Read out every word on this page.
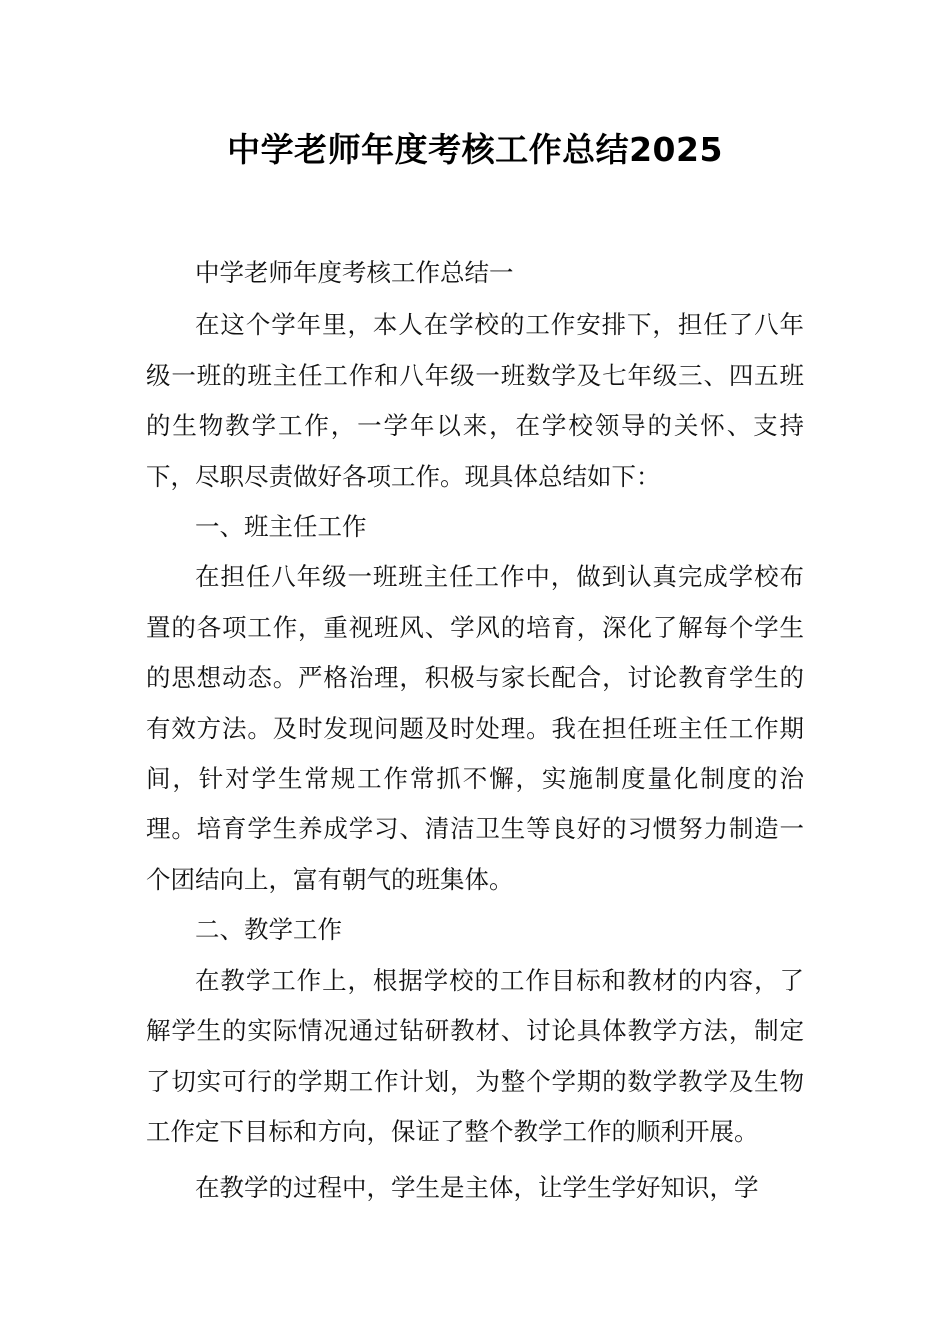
中学老师年度考核工作总结2025

中学老师年度考核工作总结一

在这个学年里，本人在学校的工作安排下，担任了八年级一班的班主任工作和八年级一班数学及七年级三、四五班的生物教学工作，一学年以来，在学校领导的关怀、支持下，尽职尽责做好各项工作。现具体总结如下：

一、班主任工作

在担任八年级一班班主任工作中，做到认真完成学校布置的各项工作，重视班风、学风的培育，深化了解每个学生的思想动态。严格治理，积极与家长配合，讨论教育学生的有效方法。及时发现问题及时处理。我在担任班主任工作期间，针对学生常规工作常抓不懈，实施制度量化制度的治理。培育学生养成学习、清洁卫生等良好的习惯努力制造一个团结向上，富有朝气的班集体。

二、教学工作

在教学工作上，根据学校的工作目标和教材的内容，了解学生的实际情况通过钻研教材、讨论具体教学方法，制定了切实可行的学期工作计划，为整个学期的数学教学及生物工作定下目标和方向，保证了整个教学工作的顺利开展。

在教学的过程中，学生是主体，让学生学好知识，学
